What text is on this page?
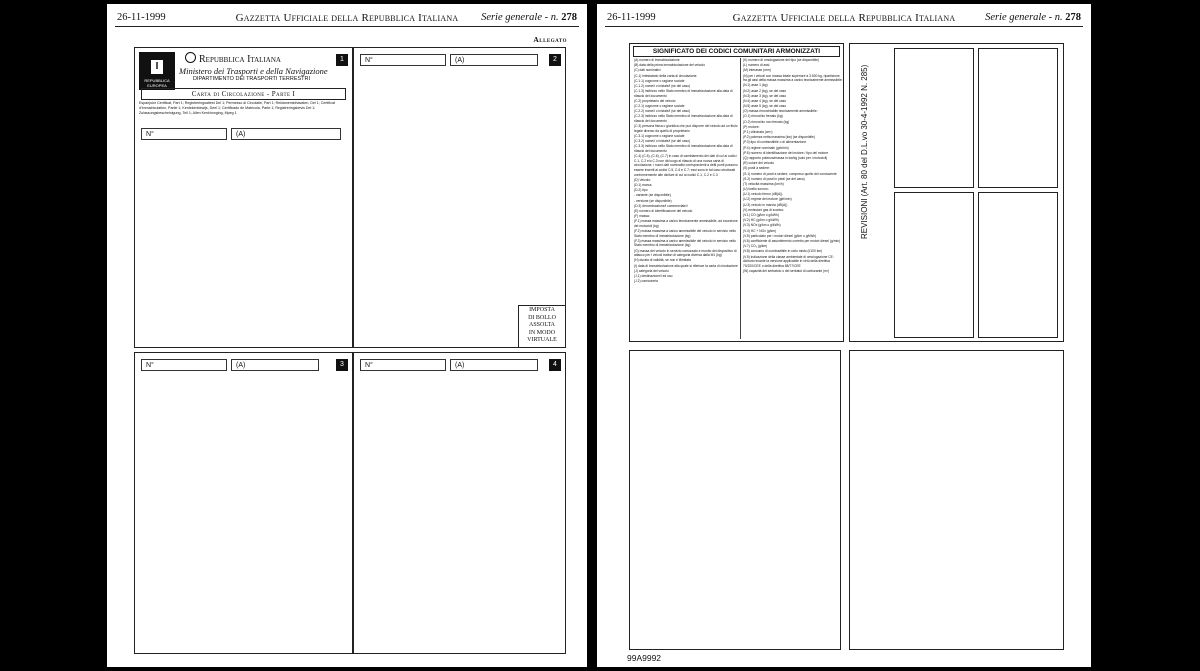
26-11-1999	Gazzetta Ufficiale della Repubblica Italiana	Serie generale - n. 278
Allegato
1
I
REPUBBLICA
EUROPEA
Repubblica Italiana
Ministero dei Trasporti e della Navigazione
DIPARTIMENTO DEI TRASPORTI TERRESTRI
Carta di Circolazione - Parte I
Espanjolor Certificat, Part 1; Registreringsattest Del 1; Permesso di Circolatie, Part 1; Reklamentsthavaten, Del 1; Certificat d'Immatriculation, Partie 1; Kentekenbewijs, Deel 1; Certificado de Matricula, Parte 1; Registreringsbevis Del 1; Zulassungsbescheinigung, Teil 1; Allen Kenkhonging, Mpeg 1
N°	(A)
N°	(A)	2
IMPOSTA
DI BOLLO
ASSOLTA
IN MODO
VIRTUALE
N°	(A)	3	N°	(A)	4
26-11-1999	Gazzetta Ufficiale della Repubblica Italiana	Serie generale - n. 278
SIGNIFICATO DEI CODICI COMUNITARI ARMONIZZATI
(A) numero di immatricolazione
(B) data della prima immatricolazione del veicolo
(C) dati nominativi
(C.1) intestatario della carta di circolazione:
(C.1.1) cognome o ragione sociale
(C.1.2) nome/i o iniziale/i (se del caso)
(C.1.3) indirizzo nello Stato membro di immatricolazione alla data di rilascio del documento
(C.2) proprietario del veicolo
(C.2.1) cognome o ragione sociale
(C.2.2) nome/i o iniziale/i (se del caso)
(C.2.3) indirizzo nello Stato membro di immatricolazione alla data di rilascio del documento
(C.3) persona fisica o giuridica che può disporre del veicolo ad un titolo legale diverso da quello di proprietario
(C.3.1) cognome o ragione sociale
(C.3.2) nome/i o iniziale/i (se del caso)
(C.3.3) indirizzo nello Stato membro di immatricolazione alla data di rilascio del documento
(C.4) (C.5), (C.6), (C.7) in caso di cambiamento dei dati di cui ai codici C.1, C.2 e/o C.3 non dà luogo al rilascio di una nuova carta di circolazione, i nuovi dati nominativi corrispondenti a detti punti possono essere inseriti ai codici C.5, C.6 e C.7; essi sono in tal caso strutturati conformemente alle diciture di cui ai codici C.1, C.2 e C.3
(D) Veicolo:
(D.1) marca
(D.2) tipo
- variante (se disponibile)
- versione (se disponibile)
(D.3) denominazione/i commerciale/i
(E) numero di identificazione del veicolo
(F) massa:
(F.1) massa massima a carico tecnicamente ammissibile, ad eccezione dei motocicli (kg)
(F.2) massa massima a carico ammissibile del veicolo in servizio nello Stato membro di immatricolazione (kg)
(F.3) massa massima a carico ammissibile del veicolo in servizio nello Stato membro di immatricolazione (kg)
(G) massa del veicolo in servizio carrozzato e munito del dispositivo di attacco per i veicoli trattori di categoria diversa dalla M1 (kg)
(H) durata di validità, se non è illimitata
(I) data di immatricolazione alla quale si riferisce la carta di circolazione
(J) categoria del veicolo
(J.1) destinazione/i ed uso
(J.2) carrozzeria
(K) numero di omologazione del tipo (se disponibile)
(L) numero di assi
(M) interasse (mm)
(N) per i veicoli con massa totale superiore a 3.500 kg, ripartizione fra gli assi della massa massima a carico tecnicamente ammissibile:
(N.1) asse 1 (kg)
(N.2) asse 2 (kg), se del caso
(N.3) asse 3 (kg), se del caso
(N.4) asse 4 (kg), se del caso
(N.5) asse 5 (kg), se del caso
(O) massa rimorchiabile tecnicamente ammissibile:
(O.1) rimorchio frenato (kg)
(O.2) rimorchio non frenato (kg)
(P) motore:
(P.1) cilindrata (cm³)
(P.2) potenza netta massima (kw) (se disponibile)
(P.3) tipo di combustibile o di alimentazione
(P.4) regime nominale (giri/min)
(P.5) numero di identificazione del motore / tipo del motore
(Q) rapporto potenza/massa in kw/kg (solo per i motocicli)
(R) colore del veicolo
(S) posti a sedere:
(S.1) numero di posti a sedere, compreso quello del conducente
(S.2) numero di posti in piedi (se del caso)
(T) velocità massima (km/h)
(U) livello sonoro:
(U.1) veicolo fermo (dB(A))
(U.2) regime del motore (giri/min)
(U.3) veicolo in marcia (dB(A))
(V) emissioni gas di scarico:
(V.1) CO (g/km o g/kWh)
(V.2) HC (g/km o g/kWh)
(V.3) NOx (g/km o g/kWh)
(V.4) HC + NOx (g/km)
(V.5) particolato per i motori diesel (g/km o g/kWh)
(V.6) coefficiente di assorbimento corretto per motori diesel (g/min)
(V.7) CO₂ (g/km)
(V.8) consumo di combustibile in ciclo misto (l/100 km)
(V.9) indicazione della classe ambientale di omologazione CE: dicitura recante la versione applicabile in virtù della direttiva 70/220/CEE o della direttiva 88/77/CEE
(W) capacità del serbatoio o dei serbatoi di carburante (m³)
REVISIONI (Art. 80 del D.L.vo 30-4-1992 N. 285)
99A9992
